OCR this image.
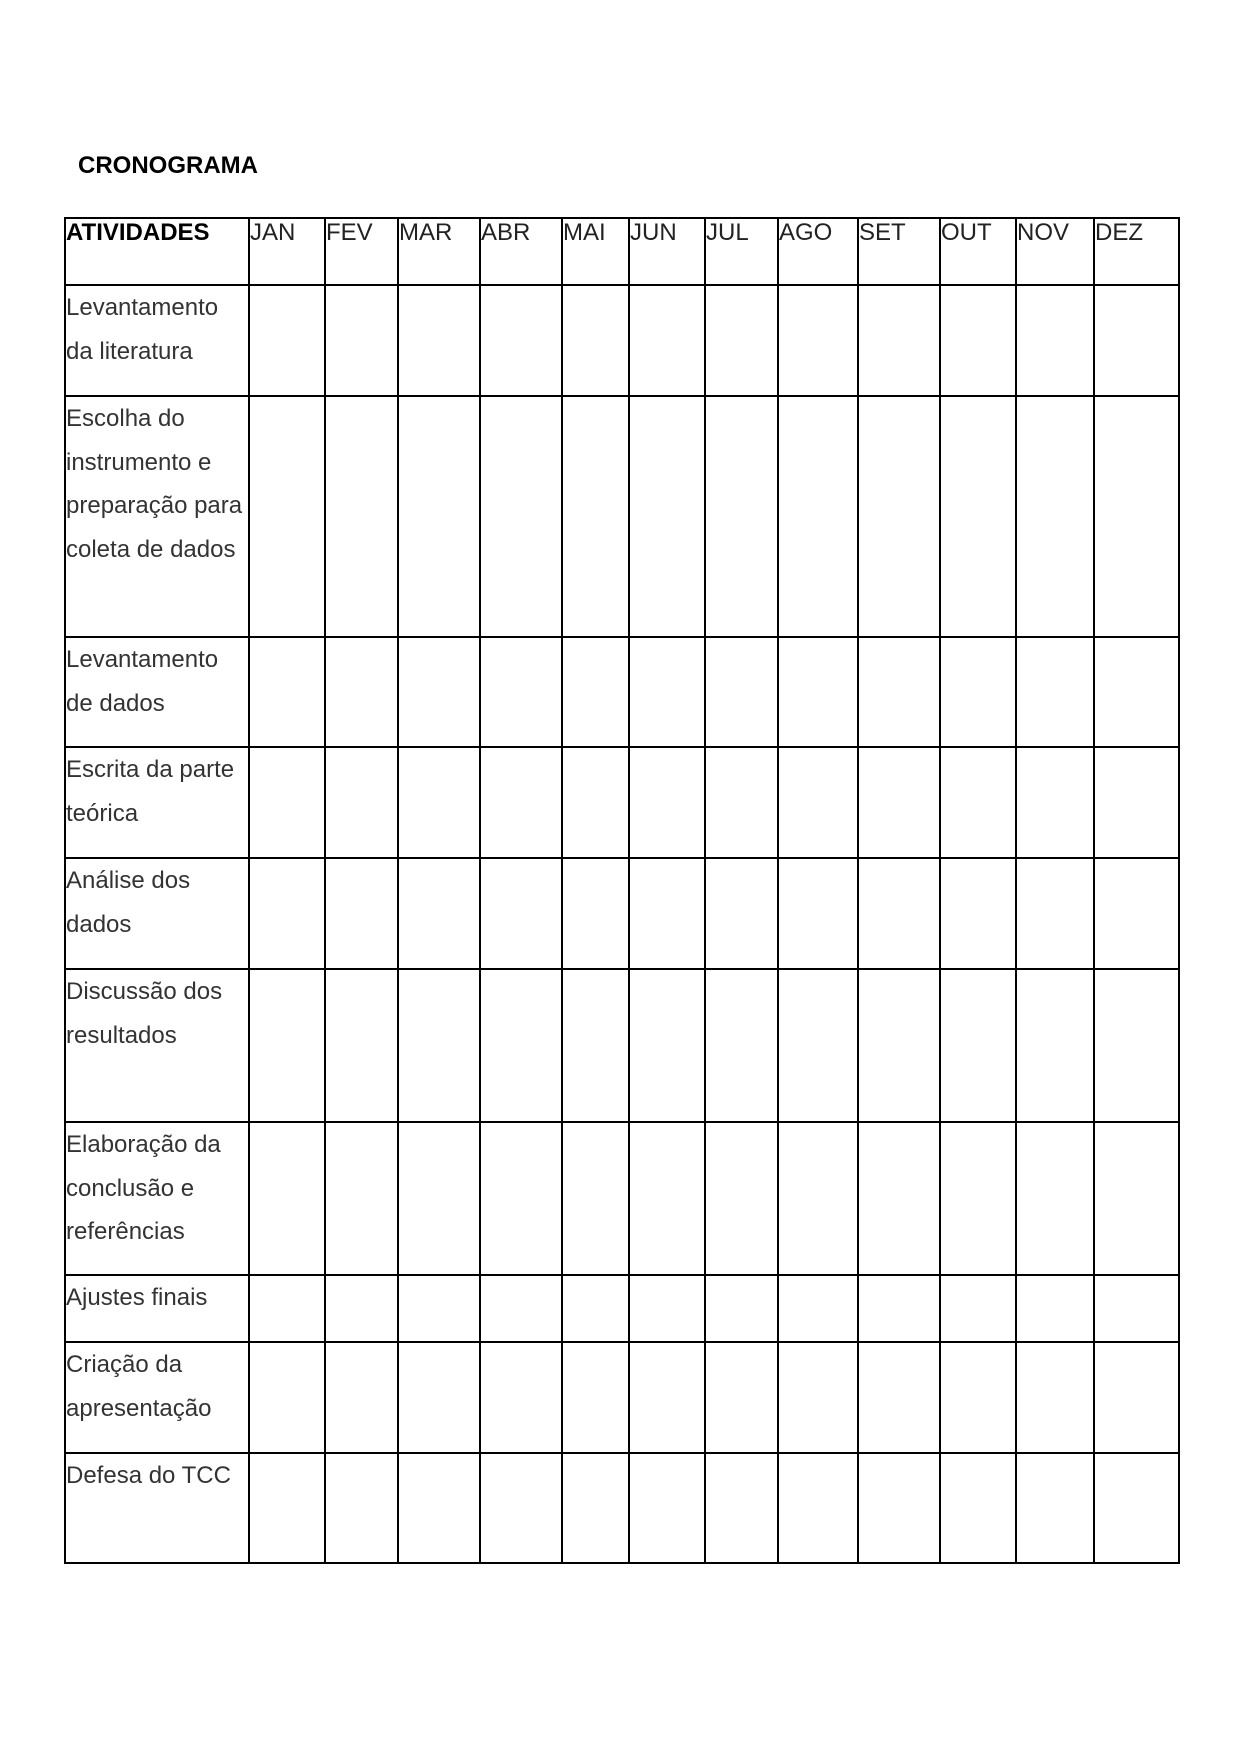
CRONOGRAMA
ATIVIDADES	JAN	FEV	MAR	ABR	MAI	JUN	JUL	AGO	SET	OUT	NOV	DEZ
Levantamento da literatura												
Escolha do instrumento e preparação para coleta de dados												
Levantamento de dados												
Escrita da parte teórica												
Análise dos dados												
Discussão dos resultados												
Elaboração da conclusão e referências												
Ajustes finais												
Criação da apresentação												
Defesa do TCC												
